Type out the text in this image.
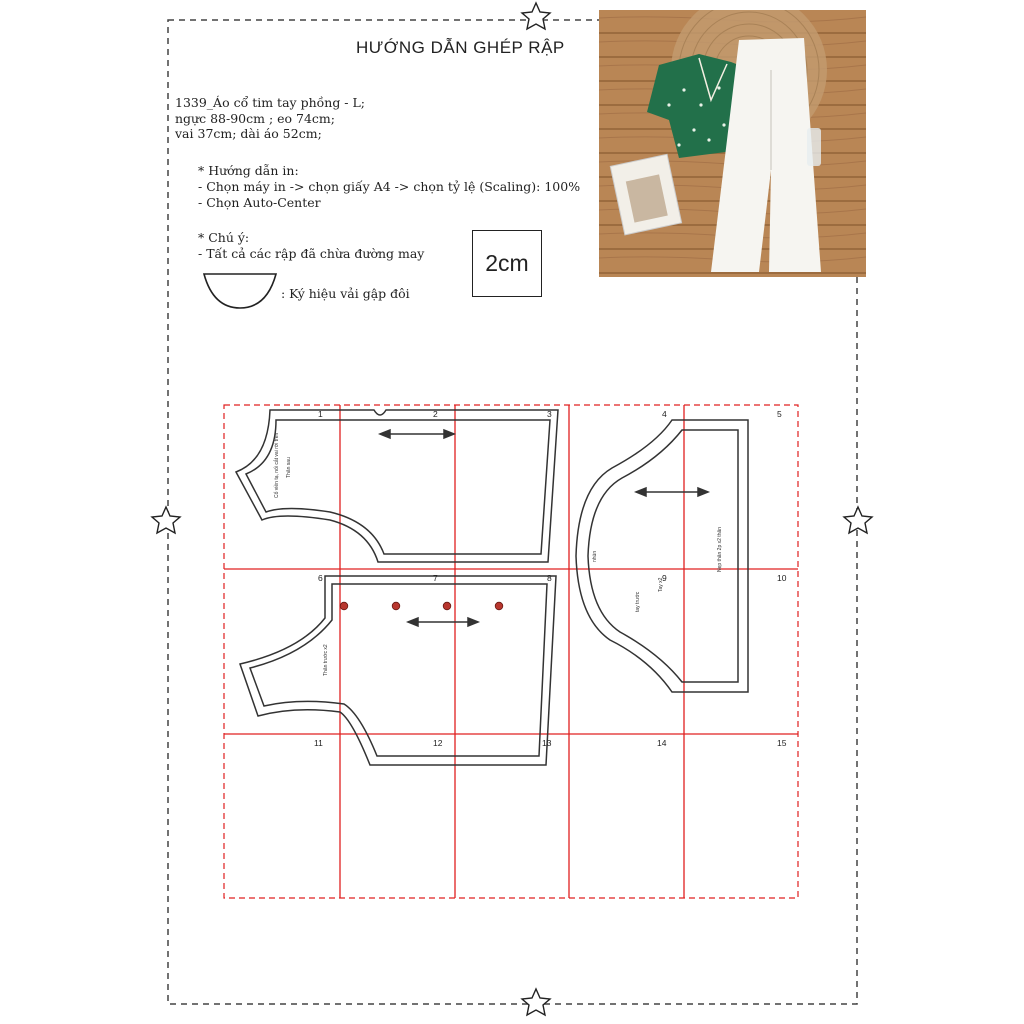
HƯỚNG DẪN GHÉP RẬP
1339_Áo cổ tim tay phồng - L;
ngực 88-90cm ; eo 74cm;
vai 37cm; dài áo 52cm;
* Hướng dẫn in:
- Chọn máy in -> chọn giấy A4 -> chọn tỷ lệ (Scaling): 100%
- Chọn Auto-Center
* Chú ý:
- Tất cả các rập đã chừa đường may
: Ký hiệu vải gập đôi
2cm
1	2	3	4	5
6	7	8	9	10
11	12	13	14	15
Thân sau
Cổ viền tạ, nối cắt vai rời trên
Thân trước x2
nhún
tay trước
Tay x2
Nẹp thân 2p x2 thân
